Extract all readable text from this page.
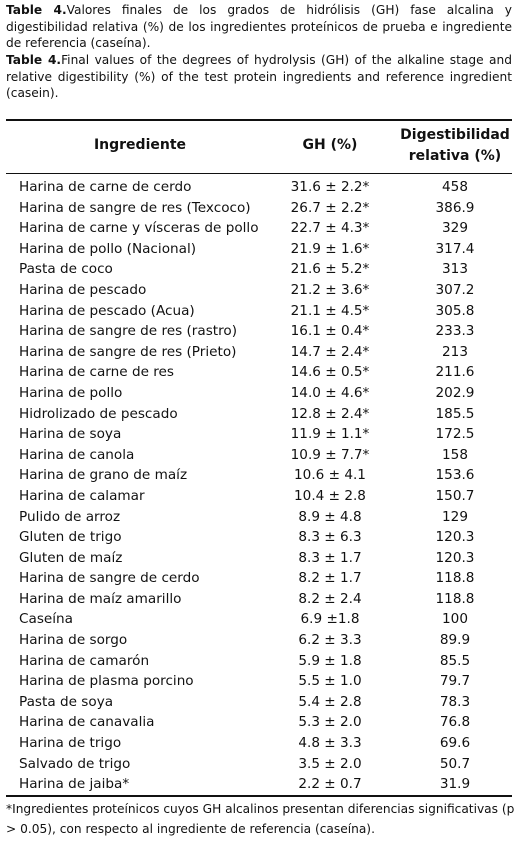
Table 4.Valores finales de los grados de hidrólisis (GH) fase alcalina y digestibilidad relativa (%) de los ingredientes proteínicos de prueba e ingrediente de referencia (caseína).
Table 4.Final values of the degrees of hydrolysis (GH) of the alkaline stage and relative digestibility (%) of the test protein ingredients and reference ingredient (casein).
Ingrediente	GH (%)
Digestibilidad
relativa (%)
Harina de carne de cerdo	31.6 ± 2.2*	458
Harina de sangre de res (Texcoco)	26.7 ± 2.2*	386.9
Harina de carne y vísceras de pollo	22.7 ± 4.3*	329
Harina de pollo (Nacional)	21.9 ± 1.6*	317.4
Pasta de coco	21.6 ± 5.2*	313
Harina de pescado	21.2 ± 3.6*	307.2
Harina de pescado (Acua)	21.1 ± 4.5*	305.8
Harina de sangre de res (rastro)	16.1 ± 0.4*	233.3
Harina de sangre de res (Prieto)	14.7 ± 2.4*	213
Harina de carne de res	14.6 ± 0.5*	211.6
Harina de pollo	14.0 ± 4.6*	202.9
Hidrolizado de pescado	12.8 ± 2.4*	185.5
Harina de soya	11.9 ± 1.1*	172.5
Harina de canola	10.9 ± 7.7*	158
Harina de grano de maíz	10.6 ± 4.1	153.6
Harina de calamar	10.4 ± 2.8	150.7
Pulido de arroz	8.9 ± 4.8	129
Gluten de trigo	8.3 ± 6.3	120.3
Gluten de maíz	8.3 ± 1.7	120.3
Harina de sangre de cerdo	8.2 ± 1.7	118.8
Harina de maíz amarillo	8.2 ± 2.4	118.8
Caseína	6.9 ±1.8	100
Harina de sorgo	6.2 ± 3.3	89.9
Harina de camarón	5.9 ± 1.8	85.5
Harina de plasma porcino	5.5 ± 1.0	79.7
Pasta de soya	5.4 ± 2.8	78.3
Harina de canavalia	5.3 ± 2.0	76.8
Harina de trigo	4.8 ± 3.3	69.6
Salvado de trigo	3.5 ± 2.0	50.7
Harina de jaiba*	2.2 ± 0.7	31.9
*Ingredientes proteínicos cuyos GH alcalinos presentan diferencias significativas (p > 0.05), con respecto al ingrediente de referencia (caseína).
